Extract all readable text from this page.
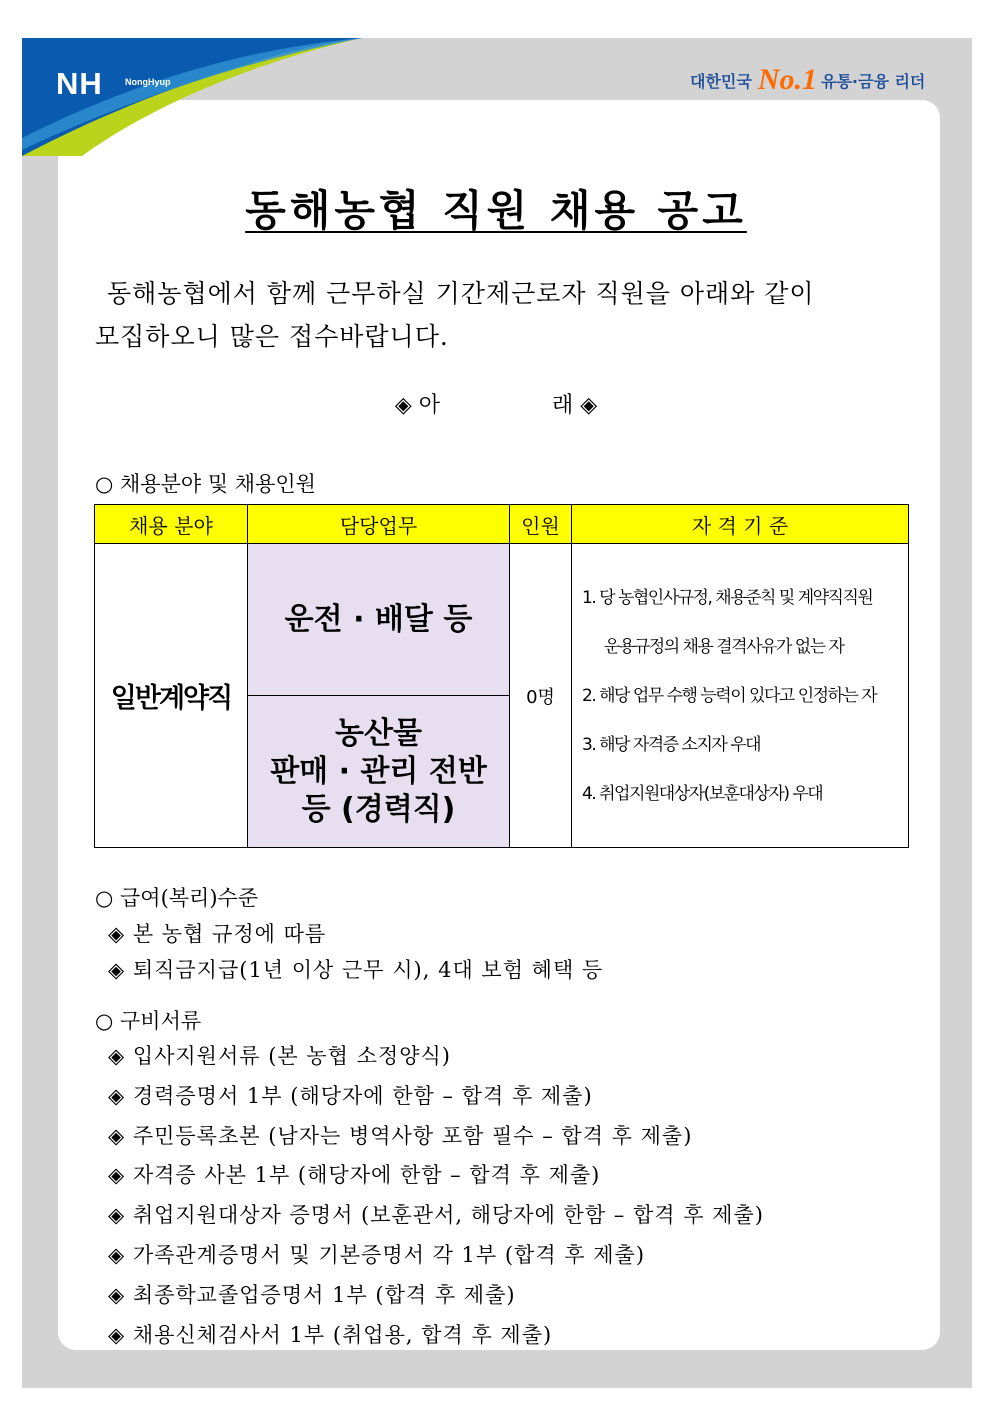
NH NongHyup	대한민국 No.1 유통·금융 리더
동해농협 직원 채용 공고
동해농협에서 함께 근무하실 기간제근로자 직원을 아래와 같이
모집하오니 많은 접수바랍니다.
◈ 아	래 ◈
○ 채용분야 및 채용인원
채용 분야	담당업무	인원	자 격 기 준
일반계약직	운전 · 배달 등	0명	1. 당 농협인사규정, 채용준칙 및 계약직직원
운용규정의 채용 결격사유가 없는 자
2. 해당 업무 수행 능력이 있다고 인정하는 자
3. 해당 자격증 소지자 우대
4. 취업지원대상자(보훈대상자) 우대

	농산물
판매 · 관리 전반
등 (경력직)		
○ 급여(복리)수준
◈ 본 농협 규정에 따름
◈ 퇴직금지급(1년 이상 근무 시), 4대 보험 혜택 등
○ 구비서류
◈ 입사지원서류 (본 농협 소정양식)
◈ 경력증명서 1부 (해당자에 한함 – 합격 후 제출)
◈ 주민등록초본 (남자는 병역사항 포함 필수 – 합격 후 제출)
◈ 자격증 사본 1부 (해당자에 한함 – 합격 후 제출)
◈ 취업지원대상자 증명서 (보훈관서, 해당자에 한함 – 합격 후 제출)
◈ 가족관계증명서 및 기본증명서 각 1부 (합격 후 제출)
◈ 최종학교졸업증명서 1부 (합격 후 제출)
◈ 채용신체검사서 1부 (취업용, 합격 후 제출)
